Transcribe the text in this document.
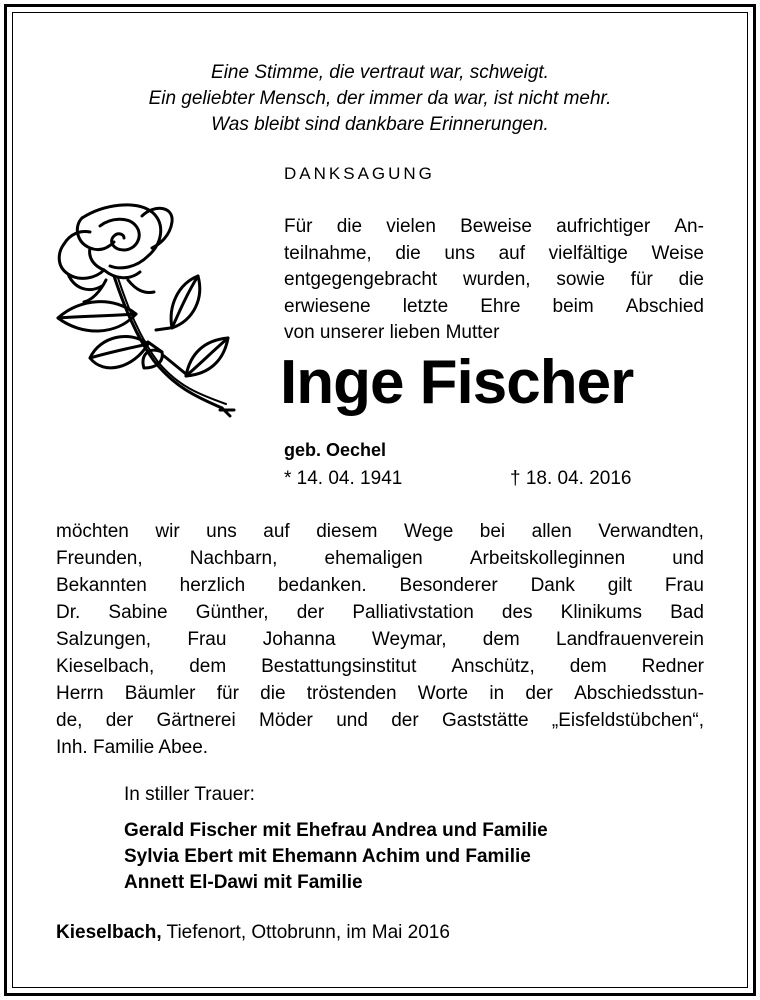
Eine Stimme, die vertraut war, schweigt.
Ein geliebter Mensch, der immer da war, ist nicht mehr.
Was bleibt sind dankbare Erinnerungen.
DANKSAGUNG
Für die vielen Beweise aufrichtiger An-
teilnahme, die uns auf vielfältige Weise
entgegengebracht wurden, sowie für die
erwiesene letzte Ehre beim Abschied
von unserer lieben Mutter
Inge Fischer
geb. Oechel
* 14. 04. 1941	† 18. 04. 2016
möchten wir uns auf diesem Wege bei allen Verwandten,
Freunden, Nachbarn, ehemaligen Arbeitskolleginnen und
Bekannten herzlich bedanken. Besonderer Dank gilt Frau
Dr. Sabine Günther, der Palliativstation des Klinikums Bad
Salzungen, Frau Johanna Weymar, dem Landfrauenverein
Kieselbach, dem Bestattungsinstitut Anschütz, dem Redner
Herrn Bäumler für die tröstenden Worte in der Abschiedsstun-
de, der Gärtnerei Möder und der Gaststätte „Eisfeldstübchen“,
Inh. Familie Abee.
In stiller Trauer:
Gerald Fischer mit Ehefrau Andrea und Familie
Sylvia Ebert mit Ehemann Achim und Familie
Annett El-Dawi mit Familie
Kieselbach, Tiefenort, Ottobrunn, im Mai 2016
